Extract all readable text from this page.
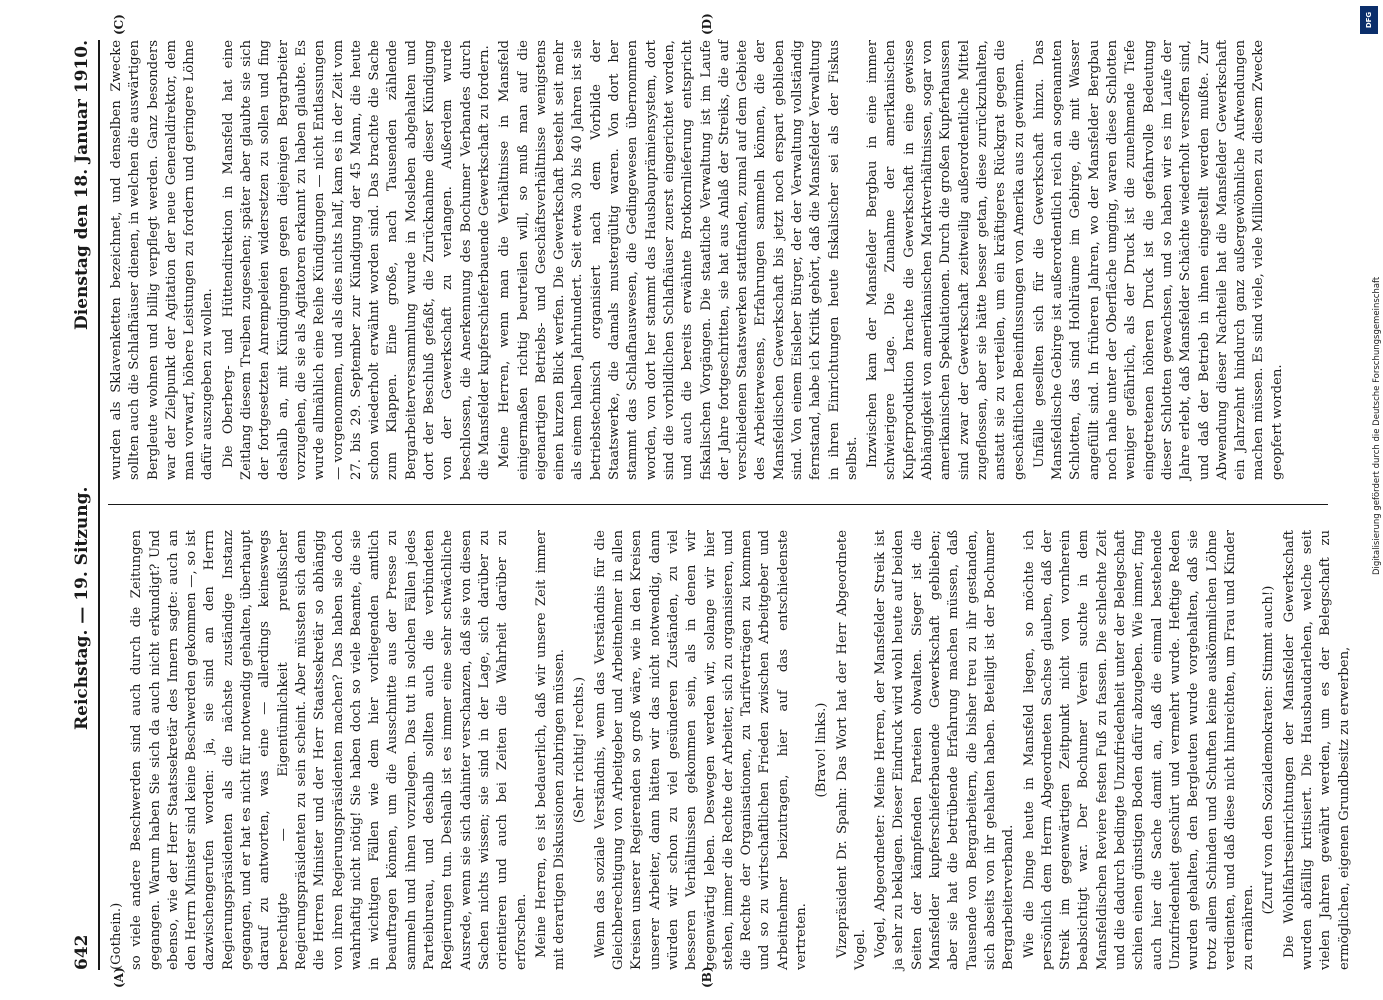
642
Reichstag. — 19. Sitzung.
Dienstag den 18. Januar 1910.
(A)	(B)
(C)	(D)

(Gothein.) so viele andere Beschwerden sind auch durch die Zeitungen gegangen. Warum haben Sie sich da auch nicht erkundigt? Und ebenso, wie der Herr Staatssekretär des Innern sagte: auch an den Herrn Minister sind keine Beschwerden gekommen —, so ist dazwischengerufen worden: ja, sie sind an den Herrn Regierungspräsidenten als die nächste zuständige Instanz gegangen, und er hat es nicht für notwendig gehalten, überhaupt darauf zu antworten, was eine — allerdings keineswegs berechtigte — Eigentümlichkeit preußischer Regierungspräsidenten zu sein scheint. Aber müssten sich denn die Herren Minister und der Herr Staatssekretär so abhängig von ihren Regierungspräsidenten machen? Das haben sie doch wahrhaftig nicht nötig! Sie haben doch so viele Beamte, die sie in wichtigen Fällen wie dem hier vorliegenden amtlich beauftragen können, um die Ausschnitte aus der Presse zu sammeln und ihnen vorzulegen. Das tut in solchen Fällen jedes Parteibureau, und deshalb sollten auch die verbündeten Regierungen tun. Deshalb ist es immer eine sehr schwächliche Ausrede, wenn sie sich dahinter verschanzen, daß sie von diesen Sachen nichts wissen; sie sind in der Lage, sich darüber zu orientieren und auch bei Zeiten die Wahrheit darüber zu erforschen. Meine Herren, es ist bedauerlich, daß wir unsere Zeit immer mit derartigen Diskussionen zubringen müssen. (Sehr richtig! rechts.) Wenn das soziale Verständnis, wenn das Verständnis für die Gleichberechtigung von Arbeitgeber und Arbeitnehmer in allen Kreisen unserer Regierenden so groß wäre, wie in den Kreisen unserer Arbeiter, dann hätten wir das nicht notwendig, dann würden wir schon zu viel gesünderen Zuständen, zu viel besseren Verhältnissen gekommen sein, als in denen wir gegenwärtig leben. Deswegen werden wir, solange wir hier stehen, immer die Rechte der Arbeiter, sich zu organisieren, und die Rechte der Organisationen, zu Tarifverträgen zu kommen und so zu wirtschaftlichen Frieden zwischen Arbeitgeber und Arbeitnehmer beizutragen, hier auf das entschiedenste vertreten.

(Bravo! links.) Vizepräsident Dr. Spahn: Das Wort hat der Herr Abgeordnete Vogel. Vogel, Abgeordneter: Meine Herren, der Mansfelder Streik ist ja sehr zu beklagen. Dieser Eindruck wird wohl heute auf beiden Seiten der kämpfenden Parteien obwalten. Sieger ist die Mansfelder kupferschieferbauende Gewerkschaft geblieben; aber sie hat die betrübende Erfahrung machen müssen, daß Tausende von Bergarbeitern, die bisher treu zu ihr gestanden, sich abseits von ihr gehalten haben. Beteiligt ist der Bochumer Bergarbeiterverband. Wie die Dinge heute in Mansfeld liegen, so möchte ich persönlich dem Herrn Abgeordneten Sachse glauben, daß der Streik im gegenwärtigen Zeitpunkt nicht von vornherein beabsichtigt war. Der Bochumer Verein suchte in dem Mansfeldischen Reviere festen Fuß zu fassen. Die schlechte Zeit und die dadurch bedingte Unzufriedenheit unter der Belegschaft schien einen günstigen Boden dafür abzugeben. Wie immer, fing auch hier die Sache damit an, daß die einmal bestehende Unzufriedenheit geschürt und vermehrt wurde. Heftige Reden wurden gehalten, den Bergleuten wurde vorgehalten, daß sie trotz allem Schinden und Schuften keine auskömmlichen Löhne verdienten, und daß diese nicht hinreichten, um Frau und Kinder zu ernähren.

(Zuruf von den Sozialdemokraten: Stimmt auch!) Die Wohlfahrtseinrichtungen der Mansfelder Gewerkschaft wurden abfällig kritisiert. Die Hausbaudarlehen, welche seit vielen Jahren gewährt werden, um es der Belegschaft zu ermöglichen, eigenen Grundbesitz zu erwerben,

wurden als Sklavenketten bezeichnet, und denselben Zwecke sollten auch die Schlafhäuser dienen, in welchen die auswärtigen Bergleute wohnen und billig verpflegt werden. Ganz besonders war der Zielpunkt der Agitation der neue Generaldirektor, dem man vorwarf, höhere Leistungen zu fordern und geringere Löhne dafür auszugeben zu wollen. Die Oberberg- und Hüttendirektion in Mansfeld hat eine Zeitlang diesem Treiben zugesehen; später aber glaubte sie sich der fortgesetzten Anrempeleien widersetzen zu sollen und fing deshalb an, mit Kündigungen gegen diejenigen Bergarbeiter vorzugehen, die sie als Agitatoren erkannt zu haben glaubte. Es wurde allmählich eine Reihe Kündigungen — nicht Entlassungen — vorgenommen, und als dies nichts half, kam es in der Zeit vom 27. bis 29. September zur Kündigung der 45 Mann, die heute schon wiederholt erwähnt worden sind. Das brachte die Sache zum Klappen. Eine große, nach Tausenden zählende Bergarbeiterversammlung wurde in Mosleben abgehalten und dort der Beschluß gefaßt, die Zurücknahme dieser Kündigung von der Gewerkschaft zu verlangen. Außerdem wurde beschlossen, die Anerkennung des Bochumer Verbandes durch die Mansfelder kupferschieferbauende Gewerkschaft zu fordern. Meine Herren, wenn man die Verhältnisse in Mansfeld einigermaßen richtig beurteilen will, so muß man auf die eigenartigen Betriebs- und Geschäftsverhältnisse wenigstens einen kurzen Blick werfen. Die Gewerkschaft besteht seit mehr als einem halben Jahrhundert. Seit etwa 30 bis 40 Jahren ist sie betriebstechnisch organisiert nach dem Vorbilde der Staatswerke, die damals mustergültig waren. Von dort her stammt das Schlafhauswesen, die Gedingewesen übernommen worden, von dort her stammt das Hausbauprämiensystem, dort sind die vorbildlichen Schlafhäuser zuerst eingerichtet worden, und auch die bereits erwähnte Brotkornlieferung entspricht fiskalischen Vorgängen. Die staatliche Verwaltung ist im Laufe der Jahre fortgeschritten, sie hat aus Anlaß der Streiks, die auf verschiedenen Staatswerken stattfanden, zumal auf dem Gebiete des Arbeiterwesens, Erfahrungen sammeln können, die der Mansfeldischen Gewerkschaft bis jetzt noch erspart geblieben sind. Von einem Eisleber Bürger, der der Verwaltung vollständig fernstand, habe ich Kritik gehört, daß die Mansfelder Verwaltung in ihren Einrichtungen heute fiskalischer sei als der Fiskus selbst. Inzwischen kam der Mansfelder Bergbau in eine immer schwierigere Lage. Die Zunahme der amerikanischen Kupferproduktion brachte die Gewerkschaft in eine gewisse Abhängigkeit von amerikanischen Marktverhältnissen, sogar von amerikanischen Spekulationen. Durch die großen Kupferhaussen sind zwar der Gewerkschaft zeitweilig außerordentliche Mittel zugeflossen, aber sie hätte besser getan, diese zurückzuhalten, anstatt sie zu verteilen, um ein kräftigeres Rückgrat gegen die geschäftlichen Beeinflussungen von Amerika aus zu gewinnen. Unfälle gesellten sich für die Gewerkschaft hinzu. Das Mansfeldische Gebirge ist außerordentlich reich an sogenannten Schlotten, das sind Hohlräume im Gebirge, die mit Wasser angefüllt sind. In früheren Jahren, wo der Mansfelder Bergbau noch nahe unter der Oberfläche umging, waren diese Schlotten weniger gefährlich, als der Druck ist die zunehmende Tiefe eingetretenen höheren Druck ist die gefahrvolle Bedeutung dieser Schlotten gewachsen, und so haben wir es im Laufe der Jahre erlebt, daß Mansfelder Schächte wiederholt versoffen sind, und daß der Betrieb in ihnen eingestellt werden mußte. Zur Abwendung dieser Nachteile hat die Mansfelder Gewerkschaft ein Jahrzehnt hindurch ganz außergewöhnliche Aufwendungen machen müssen. Es sind viele, viele Millionen zu diesem Zwecke geopfert worden.

DFG
Digitalisierung gefördert durch die Deutsche Forschungsgemeinschaft
